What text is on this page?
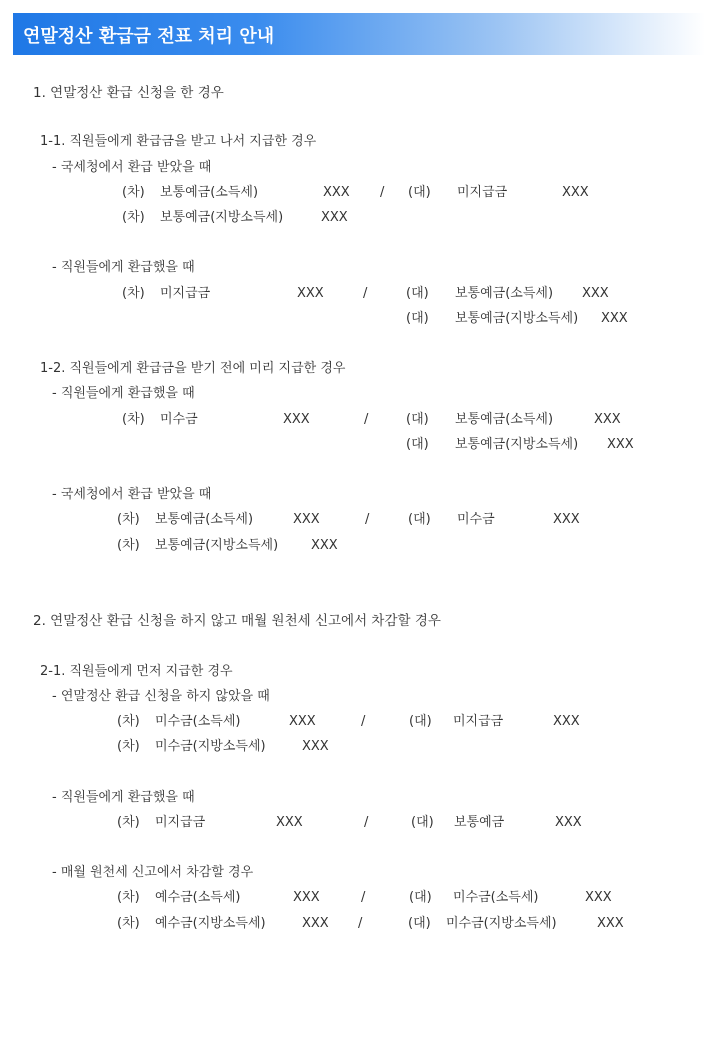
연말정산 환급금 전표 처리 안내
1. 연말정산 환급 신청을 한 경우
1-1. 직원들에게 환급금을 받고 나서 지급한 경우
- 국세청에서 환급 받았을 때
(차) 보통예금(소득세)	XXX / (대) 미지급금	XXX
(차) 보통예금(지방소득세)	XXX
- 직원들에게 환급했을 때
(차) 미지급금	XXX	/	(대) 보통예금(소득세) XXX
(대) 보통예금(지방소득세) XXX
1-2. 직원들에게 환급금을 받기 전에 미리 지급한 경우
- 직원들에게 환급했을 때
(차) 미수금	XXX	/	(대) 보통예금(소득세)	XXX
(대) 보통예금(지방소득세) XXX
- 국세청에서 환급 받았을 때
(차) 보통예금(소득세)	XXX	/	(대) 미수금	XXX
(차) 보통예금(지방소득세)	XXX
2. 연말정산 환급 신청을 하지 않고 매월 원천세 신고에서 차감할 경우
2-1. 직원들에게 먼저 지급한 경우
- 연말정산 환급 신청을 하지 않았을 때
(차) 미수금(소득세)	XXX	/	(대) 미지급금	XXX
(차) 미수금(지방소득세)	XXX
- 직원들에게 환급했을 때
(차) 미지급금	XXX	/	(대) 보통예금	XXX
- 매월 원천세 신고에서 차감할 경우
(차) 예수금(소득세)	XXX	/	(대) 미수금(소득세)	XXX
(차) 예수금(지방소득세)	XXX /	(대) 미수금(지방소득세)	XXX
